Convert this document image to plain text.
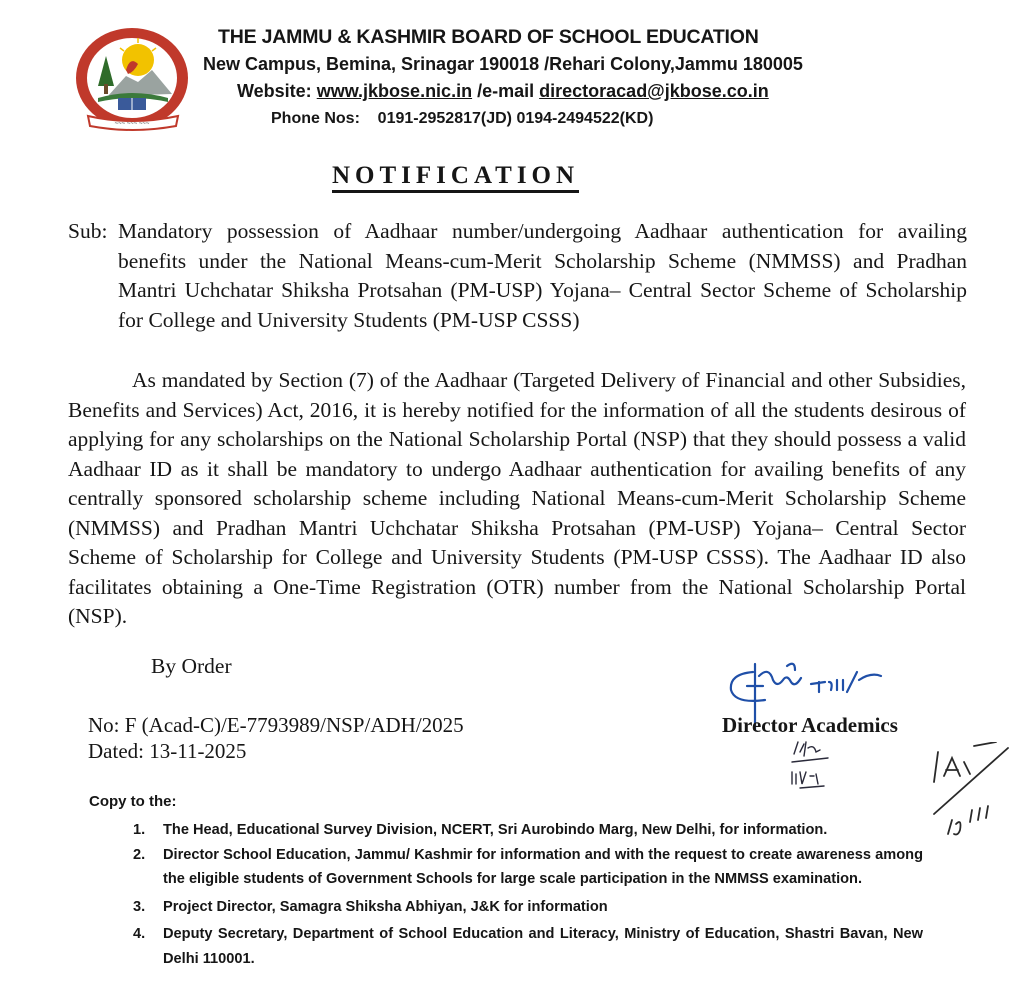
~~~ ~~~ ~~~
THE JAMMU & KASHMIR BOARD OF SCHOOL EDUCATION
New Campus, Bemina, Srinagar 190018 /Rehari Colony,Jammu 180005
Website: www.jkbose.nic.in /e-mail directoracad@jkbose.co.in
Phone Nos: 0191-2952817(JD) 0194-2494522(KD)
NOTIFICATION
Sub: Mandatory possession of Aadhaar number/undergoing Aadhaar authentication for availing benefits under the National Means-cum-Merit Scholarship Scheme (NMMSS) and Pradhan Mantri Uchchatar Shiksha Protsahan (PM-USP) Yojana– Central Sector Scheme of Scholarship for College and University Students (PM-USP CSSS)
As mandated by Section (7) of the Aadhaar (Targeted Delivery of Financial and other Subsidies, Benefits and Services) Act, 2016, it is hereby notified for the information of all the students desirous of applying for any scholarships on the National Scholarship Portal (NSP) that they should possess a valid Aadhaar ID as it shall be mandatory to undergo Aadhaar authentication for availing benefits of any centrally sponsored scholarship scheme including National Means-cum-Merit Scholarship Scheme (NMMSS) and Pradhan Mantri Uchchatar Shiksha Protsahan (PM-USP) Yojana– Central Sector Scheme of Scholarship for College and University Students (PM-USP CSSS). The Aadhaar ID also facilitates obtaining a One-Time Registration (OTR) number from the National Scholarship Portal (NSP).
By Order
No: F (Acad-C)/E-7793989/NSP/ADH/2025
Dated: 13-11-2025
Director Academics
Copy to the:
1.	The Head, Educational Survey Division, NCERT, Sri Aurobindo Marg, New Delhi, for information.
2.	Director School Education, Jammu/ Kashmir for information and with the request to create awareness among the eligible students of Government Schools for large scale participation in the NMMSS examination.
3.	Project Director, Samagra Shiksha Abhiyan, J&K for information
4.	Deputy Secretary, Department of School Education and Literacy, Ministry of Education, Shastri Bavan, New Delhi 110001.
